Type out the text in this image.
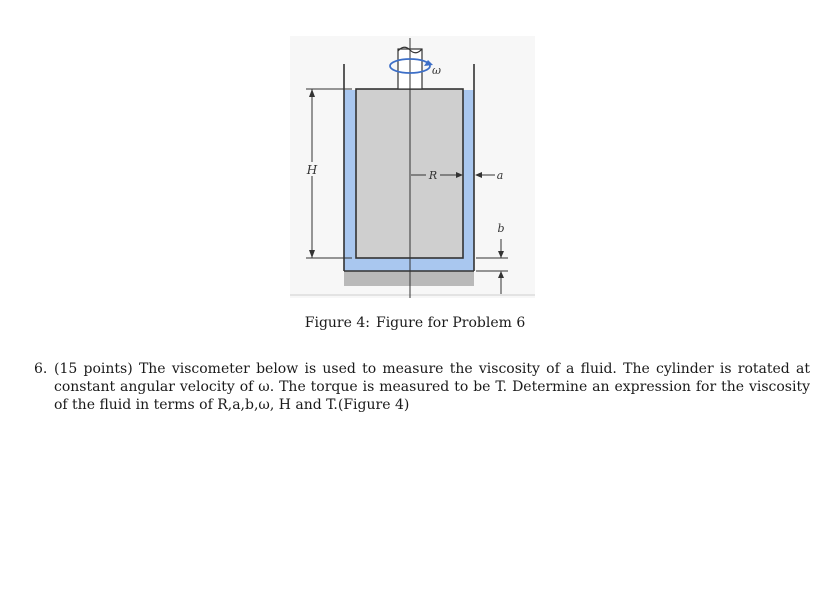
ω
H	R	a
b
Figure 4: Figure for Problem 6
6. (15 points) The viscometer below is used to measure the viscosity of a fluid. The cylinder is rotated at constant angular velocity of ω. The torque is measured to be T. Determine an expression for the viscosity of the fluid in terms of R,a,b,ω, H and T.(Figure 4)
